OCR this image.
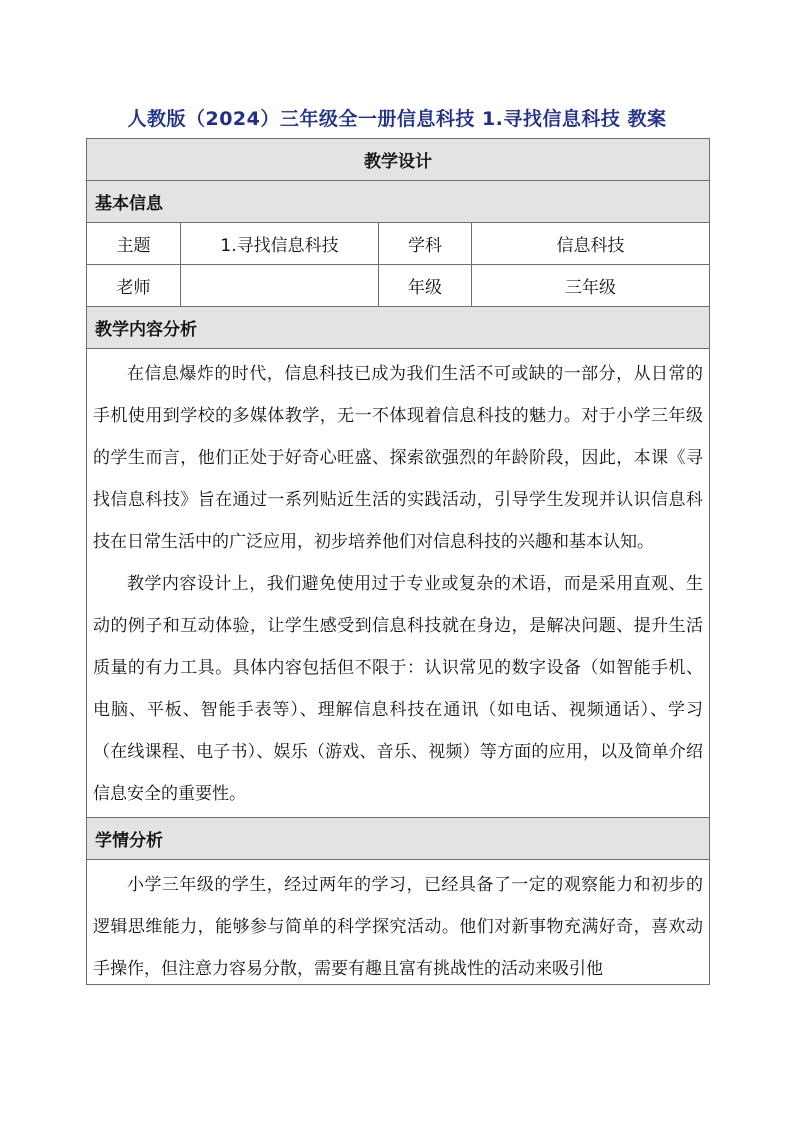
人教版（2024）三年级全一册信息科技 1.寻找信息科技 教案
教学设计			
基本信息			
主题	1.寻找信息科技	学科	信息科技
老师		年级	三年级
教学内容分析			

在信息爆炸的时代，信息科技已成为我们生活不可或缺的一部分，从日常的手机使用到学校的多媒体教学，无一不体现着信息科技的魅力。对于小学三年级的学生而言，他们正处于好奇心旺盛、探索欲强烈的年龄阶段，因此，本课《寻找信息科技》旨在通过一系列贴近生活的实践活动，引导学生发现并认识信息科技在日常生活中的广泛应用，初步培养他们对信息科技的兴趣和基本认知。

教学内容设计上，我们避免使用过于专业或复杂的术语，而是采用直观、生动的例子和互动体验，让学生感受到信息科技就在身边，是解决问题、提升生活质量的有力工具。具体内容包括但不限于：认识常见的数字设备（如智能手机、电脑、平板、智能手表等）、理解信息科技在通讯（如电话、视频通话）、学习（在线课程、电子书）、娱乐（游戏、音乐、视频）等方面的应用，以及简单介绍信息安全的重要性。			

学情分析			

小学三年级的学生，经过两年的学习，已经具备了一定的观察能力和初步的逻辑思维能力，能够参与简单的科学探究活动。他们对新事物充满好奇，喜欢动手操作，但注意力容易分散，需要有趣且富有挑战性的活动来吸引他			
